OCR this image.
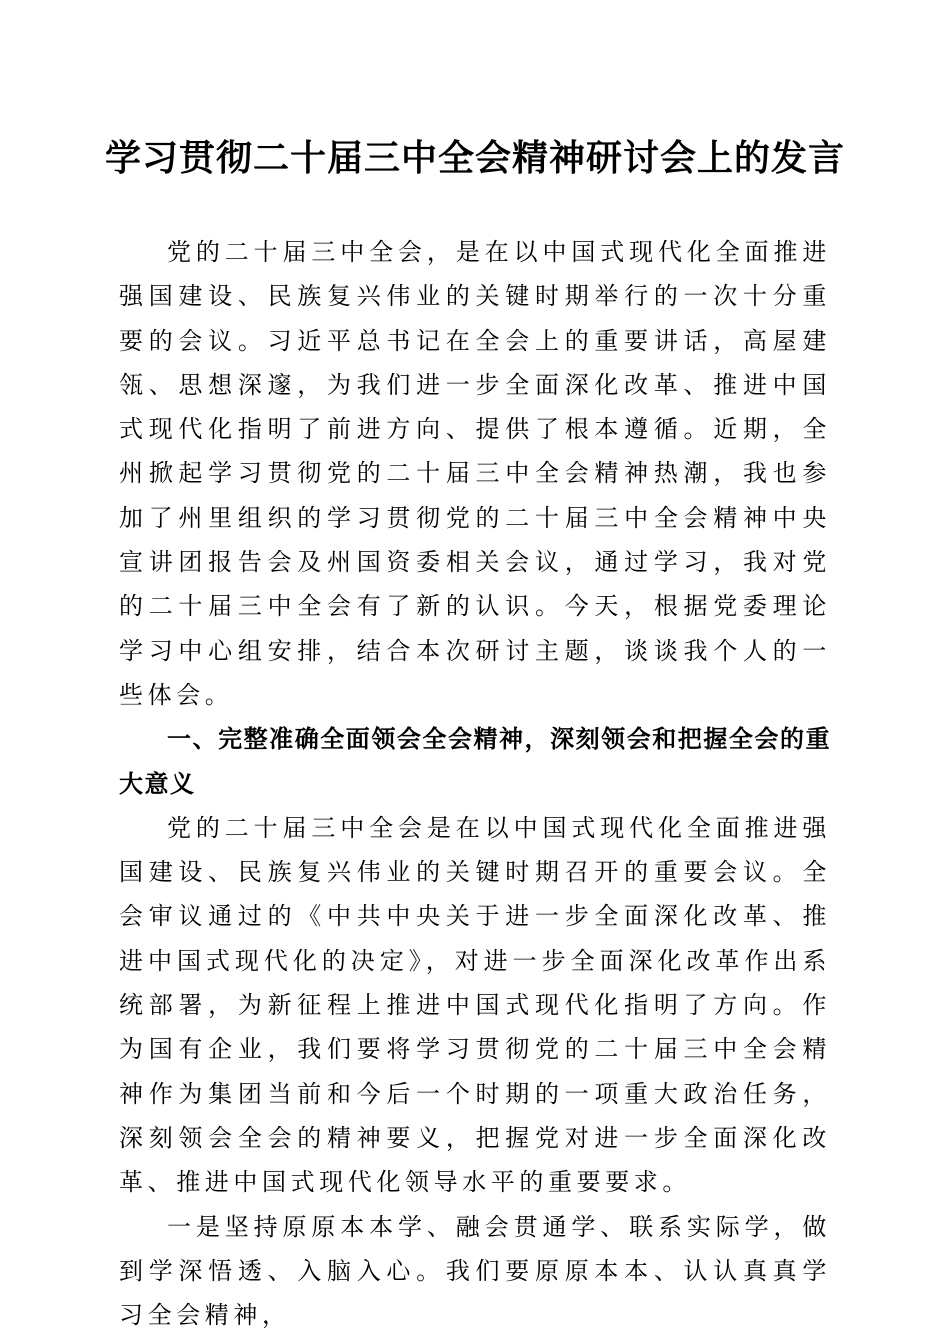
学习贯彻二十届三中全会精神研讨会上的发言

党的二十届三中全会，是在以中国式现代化全面推进强国建设、民族复兴伟业的关键时期举行的一次十分重要的会议。习近平总书记在全会上的重要讲话，高屋建瓴、思想深邃，为我们进一步全面深化改革、推进中国式现代化指明了前进方向、提供了根本遵循。近期，全州掀起学习贯彻党的二十届三中全会精神热潮，我也参加了州里组织的学习贯彻党的二十届三中全会精神中央宣讲团报告会及州国资委相关会议，通过学习，我对党的二十届三中全会有了新的认识。今天，根据党委理论学习中心组安排，结合本次研讨主题，谈谈我个人的一些体会。

一、完整准确全面领会全会精神，深刻领会和把握全会的重大意义

党的二十届三中全会是在以中国式现代化全面推进强国建设、民族复兴伟业的关键时期召开的重要会议。全会审议通过的《中共中央关于进一步全面深化改革、推进中国式现代化的决定》，对进一步全面深化改革作出系统部署，为新征程上推进中国式现代化指明了方向。作为国有企业，我们要将学习贯彻党的二十届三中全会精神作为集团当前和今后一个时期的一项重大政治任务，深刻领会全会的精神要义，把握党对进一步全面深化改革、推进中国式现代化领导水平的重要要求。

一是坚持原原本本学、融会贯通学、联系实际学，做到学深悟透、入脑入心。我们要原原本本、认认真真学习全会精神，
